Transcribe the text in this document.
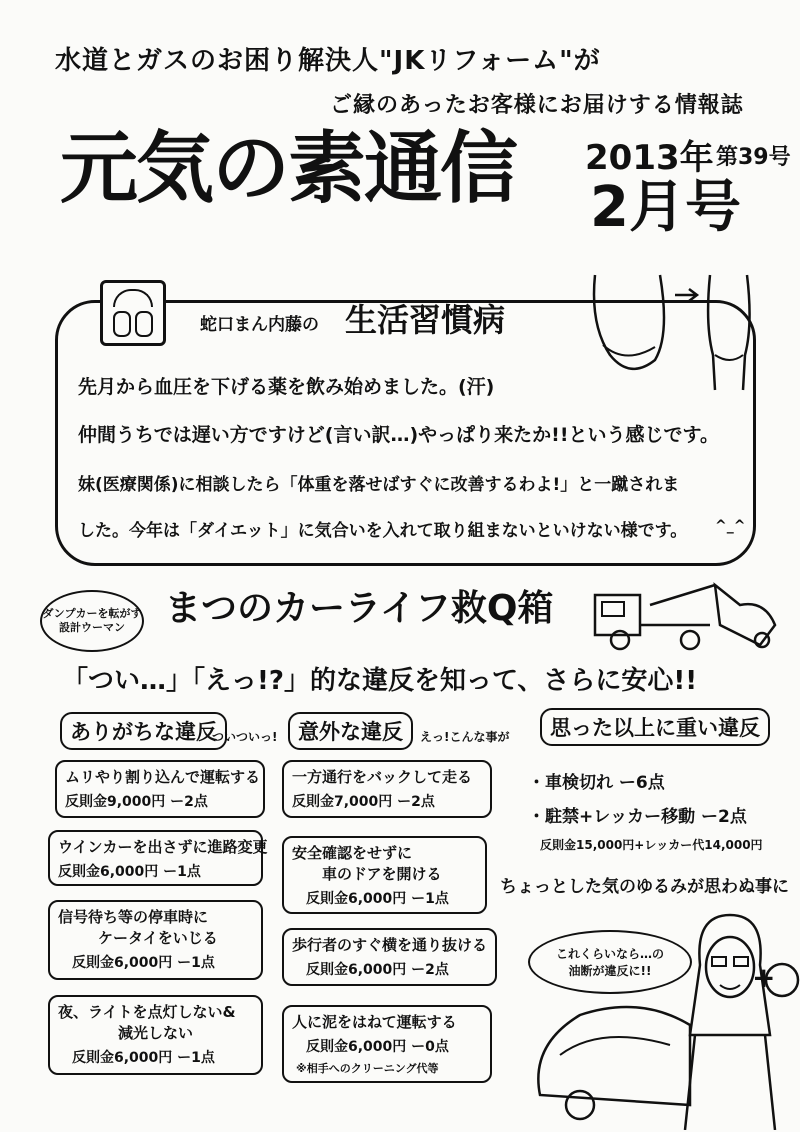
水道とガスのお困り解決人"JKリフォーム"が
ご縁のあったお客様にお届けする情報誌
元気の素通信 2013年 第39号
2月号
蛇口まん内藤の 生活習慣病
先月から血圧を下げる薬を飲み始めました。(汗)
仲間うちでは遅い方ですけど(言い訳…)やっぱり来たか!!という感じです。
妹(医療関係)に相談したら「体重を落せばすぐに改善するわよ!」と一蹴されま
した。今年は「ダイエット」に気合いを入れて取り組まないといけない様です。 ^_^
ダンプカーを転がす設計ウーマン	まつのカーライフ救Q箱
「つい…」「えっ!?」的な違反を知って、さらに安心!!
ありがちな違反
ついついっ!
ムリやり割り込んで運転する
反則金9,000円 ー2点
ウインカーを出さずに進路変更
反則金6,000円 ー1点
信号待ち等の停車時に
ケータイをいじる
反則金6,000円 ー1点
夜、ライトを点灯しない&
減光しない
反則金6,000円 ー1点
意外な違反	えっ!こんな事が
一方通行をバックして走る
反則金7,000円 ー2点
安全確認をせずに
車のドアを開ける
反則金6,000円 ー1点
歩行者のすぐ横を通り抜ける
反則金6,000円 ー2点
人に泥をはねて運転する
反則金6,000円 ー0点
※相手へのクリーニング代等
思った以上に重い違反
・車検切れ ー6点
・駐禁+レッカー移動 ー2点
反則金15,000円+レッカー代14,000円
ちょっとした気のゆるみが思わぬ事に
+
これくらいなら…の
油断が違反に!!
